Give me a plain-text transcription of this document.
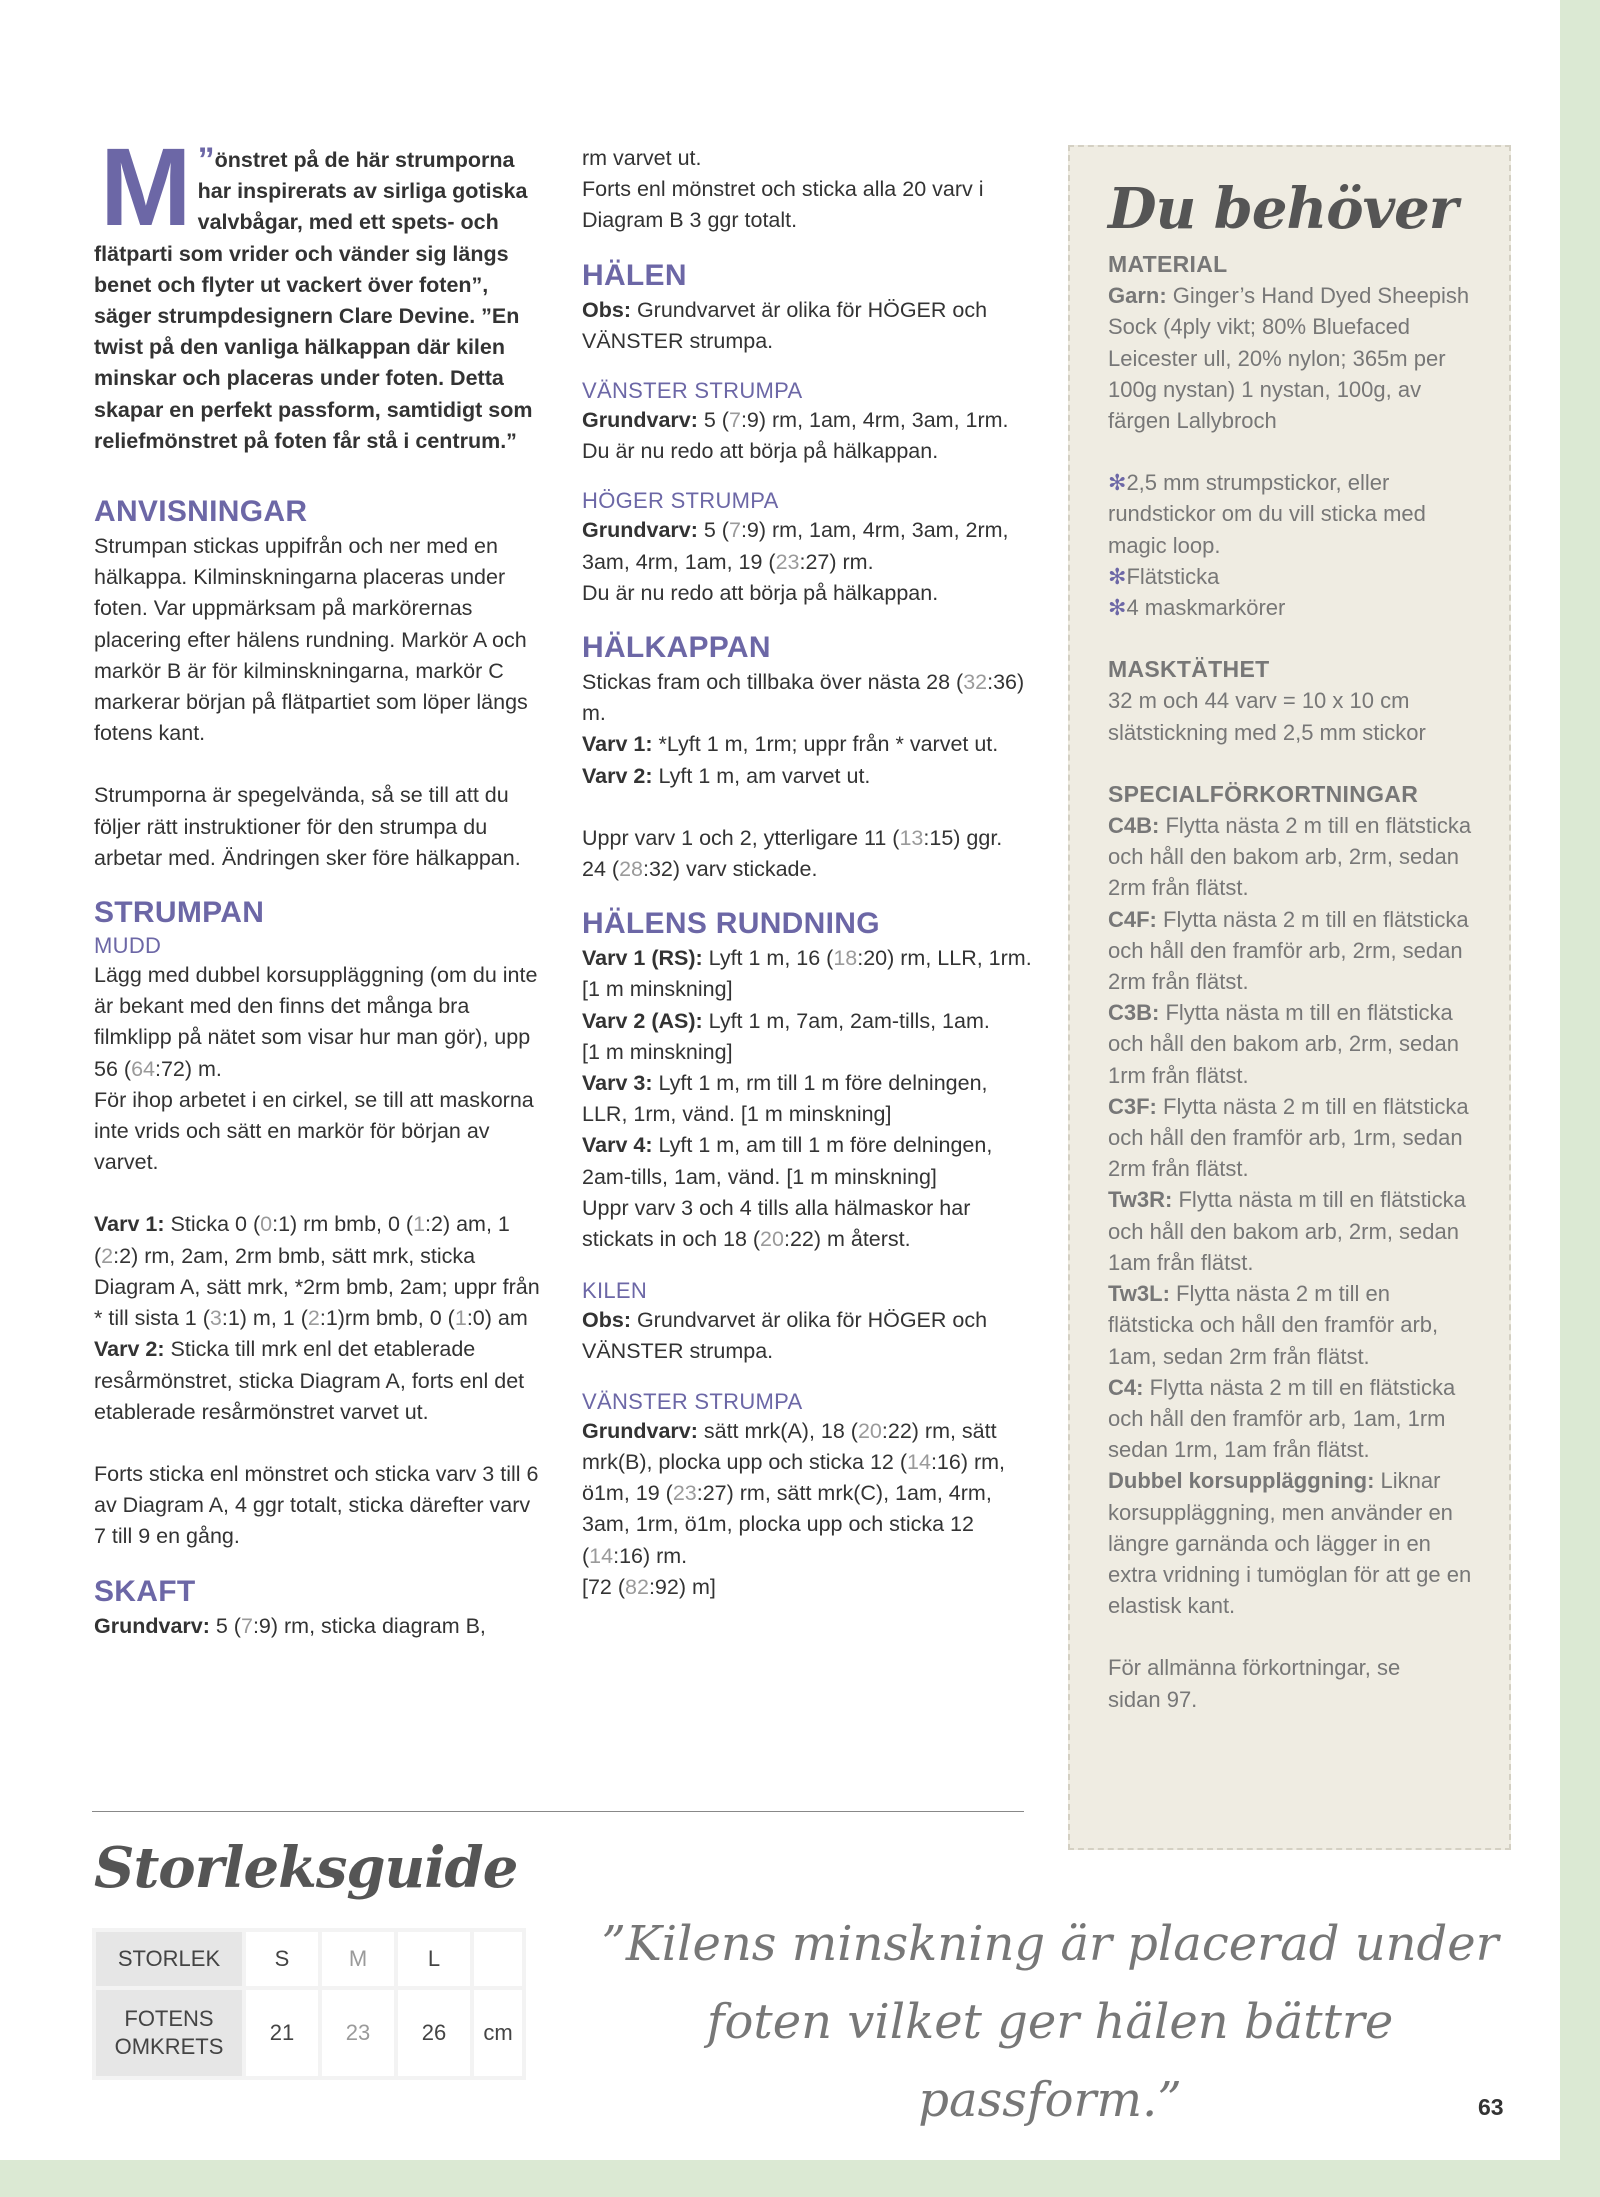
”
M önstret på de här strumporna har inspirerats av sirliga gotiska valvbågar, med ett spets- och flätparti som vrider och vänder sig längs benet och flyter ut vackert över foten”, säger strumpdesignern Clare Devine. ”En twist på den vanliga hälkappan där kilen minskar och placeras under foten. Detta skapar en perfekt passform, samtidigt som reliefmönstret på foten får stå i centrum.”

ANVISNINGAR

Strumpan stickas uppifrån och ner med en hälkappa. Kilminskningarna placeras under foten. Var uppmärksam på markörernas placering efter hälens rundning. Markör A och markör B är för kilminskningarna, markör C markerar början på flätpartiet som löper längs fotens kant.

Strumporna är spegelvända, så se till att du följer rätt instruktioner för den strumpa du arbetar med. Ändringen sker före hälkappan.

STRUMPAN
MUDD

Lägg med dubbel korsuppläggning (om du inte är bekant med den finns det många bra filmklipp på nätet som visar hur man gör), upp 56 (64:72) m.

För ihop arbetet i en cirkel, se till att maskorna inte vrids och sätt en markör för början av varvet.

Varv 1: Sticka 0 (0:1) rm bmb, 0 (1:2) am, 1 (2:2) rm, 2am, 2rm bmb, sätt mrk, sticka Diagram A, sätt mrk, *2rm bmb, 2am; uppr från * till sista 1 (3:1) m, 1 (2:1)rm bmb, 0 (1:0) am

Varv 2: Sticka till mrk enl det etablerade resårmönstret, sticka Diagram A, forts enl det etablerade resårmönstret varvet ut.

Forts sticka enl mönstret och sticka varv 3 till 6 av Diagram A, 4 ggr totalt, sticka därefter varv 7 till 9 en gång.

SKAFT

Grundvarv: 5 (7:9) rm, sticka diagram B,

rm varvet ut.

Forts enl mönstret och sticka alla 20 varv i Diagram B 3 ggr totalt.

HÄLEN

Obs: Grundvarvet är olika för HÖGER och VÄNSTER strumpa.

VÄNSTER STRUMPA

Grundvarv: 5 (7:9) rm, 1am, 4rm, 3am, 1rm.

Du är nu redo att börja på hälkappan.

HÖGER STRUMPA

Grundvarv: 5 (7:9) rm, 1am, 4rm, 3am, 2rm, 3am, 4rm, 1am, 19 (23:27) rm.

Du är nu redo att börja på hälkappan.

HÄLKAPPAN

Stickas fram och tillbaka över nästa 28 (32:36) m.

Varv 1: *Lyft 1 m, 1rm; uppr från * varvet ut.

Varv 2: Lyft 1 m, am varvet ut.

Uppr varv 1 och 2, ytterligare 11 (13:15) ggr. 24 (28:32) varv stickade.

HÄLENS RUNDNING

Varv 1 (RS): Lyft 1 m, 16 (18:20) rm, LLR, 1rm.

[1 m minskning]

Varv 2 (AS): Lyft 1 m, 7am, 2am-tills, 1am.

[1 m minskning]

Varv 3: Lyft 1 m, rm till 1 m före delningen, LLR, 1rm, vänd. [1 m minskning]

Varv 4: Lyft 1 m, am till 1 m före delningen, 2am-tills, 1am, vänd. [1 m minskning]

Uppr varv 3 och 4 tills alla hälmaskor har stickats in och 18 (20:22) m återst.

KILEN

Obs: Grundvarvet är olika för HÖGER och VÄNSTER strumpa.

VÄNSTER STRUMPA

Grundvarv: sätt mrk(A), 18 (20:22) rm, sätt mrk(B), plocka upp och sticka 12 (14:16) rm, ö1m, 19 (23:27) rm, sätt mrk(C), 1am, 4rm, 3am, 1rm, ö1m, plocka upp och sticka 12 (14:16) rm.

[72 (82:92) m]

Du behöver
MATERIAL

Garn: Ginger’s Hand Dyed Sheepish Sock (4ply vikt; 80% Bluefaced Leicester ull, 20% nylon; 365m per 100g nystan) 1 nystan, 100g, av färgen Lallybroch

✻2,5 mm strumpstickor, eller rundstickor om du vill sticka med magic loop.

✻Flätsticka

✻4 maskmarkörer

MASKTÄTHET

32 m och 44 varv = 10 x 10 cm slätstickning med 2,5 mm stickor

SPECIALFÖRKORTNINGAR

C4B: Flytta nästa 2 m till en flätsticka och håll den bakom arb, 2rm, sedan 2rm från flätst.

C4F: Flytta nästa 2 m till en flätsticka och håll den framför arb, 2rm, sedan 2rm från flätst.

C3B: Flytta nästa m till en flätsticka och håll den bakom arb, 2rm, sedan 1rm från flätst.

C3F: Flytta nästa 2 m till en flätsticka och håll den framför arb, 1rm, sedan 2rm från flätst.

Tw3R: Flytta nästa m till en flätsticka och håll den bakom arb, 2rm, sedan 1am från flätst.

Tw3L: Flytta nästa 2 m till en flätsticka och håll den framför arb, 1am, sedan 2rm från flätst.

C4: Flytta nästa 2 m till en flätsticka och håll den framför arb, 1am, 1rm sedan 1rm, 1am från flätst.

Dubbel korsuppläggning: Liknar korsuppläggning, men använder en längre garnända och lägger in en extra vridning i tumöglan för att ge en elastisk kant.

För allmänna förkortningar, se sidan 97.

Storleksguide
STORLEK	S	M	L	
FOTENS
OMKRETS	21	23	26	cm
”Kilens minskning är placerad under foten vilket ger hälen bättre passform.”	63
